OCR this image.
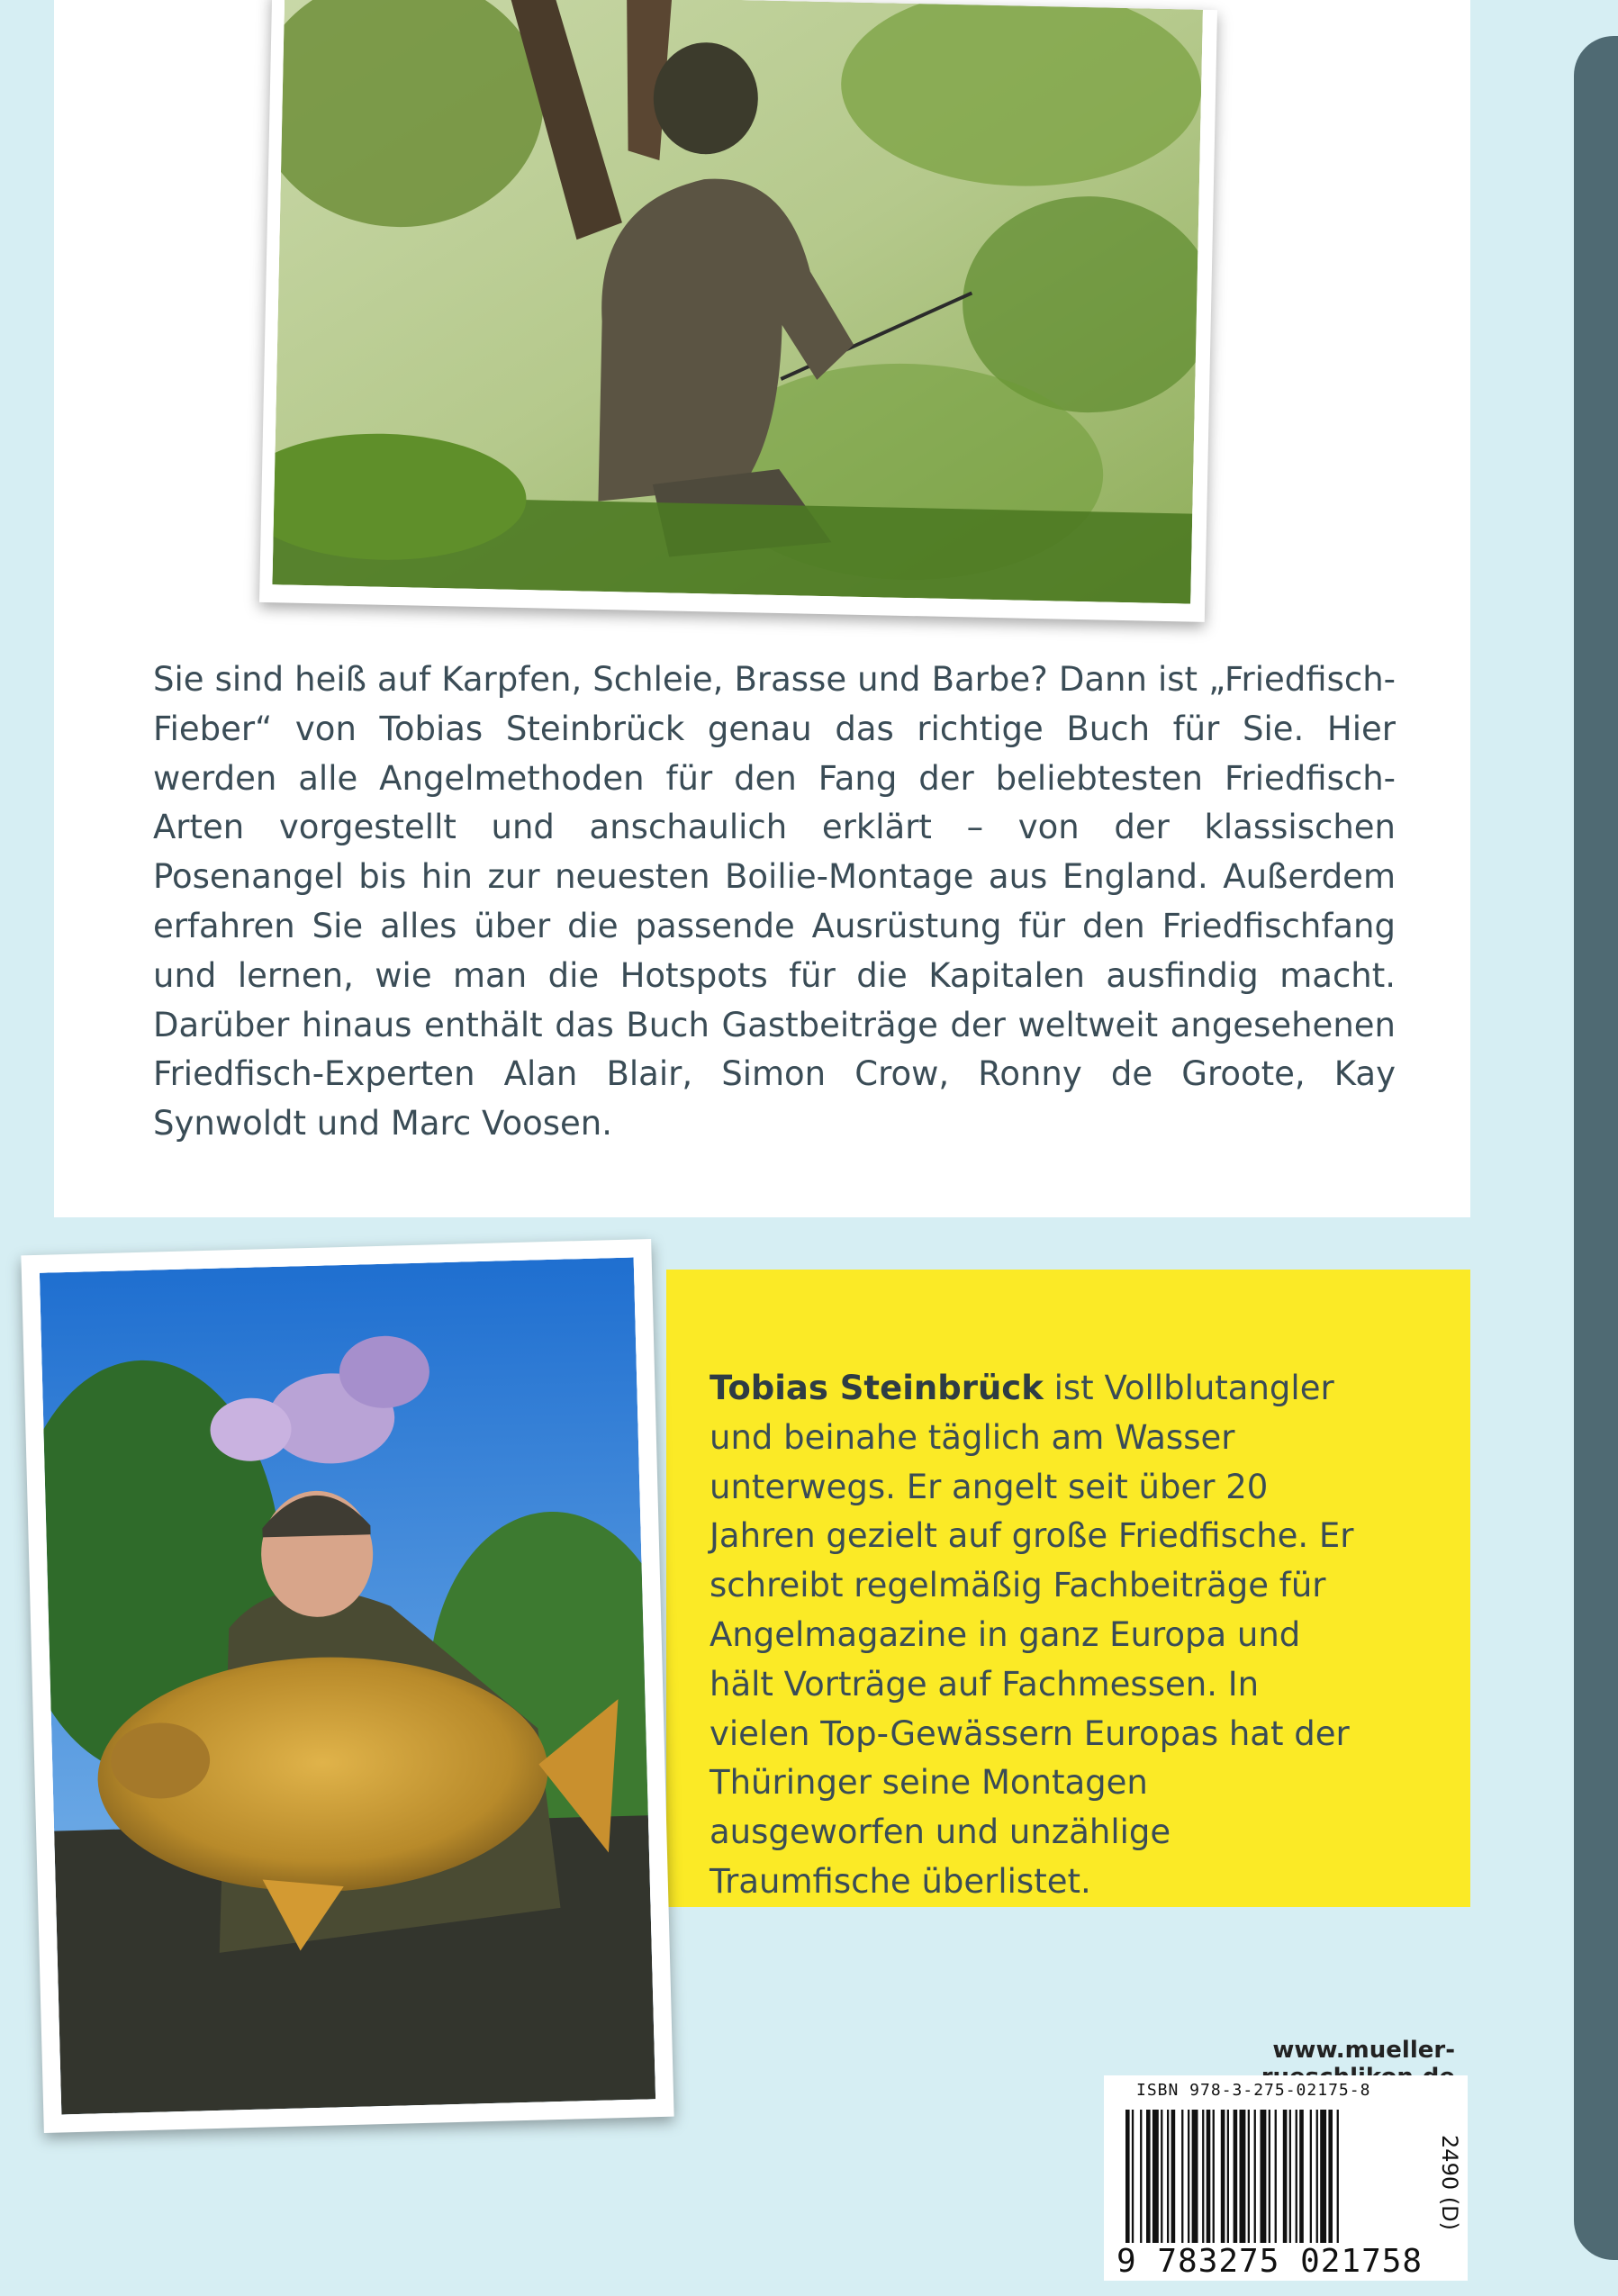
Sie sind heiß auf Karpfen, Schleie, Brasse und Barbe? Dann ist „Friedfisch-Fieber“ von Tobias Steinbrück genau das richtige Buch für Sie. Hier werden alle Angelmethoden für den Fang der beliebtesten Friedfisch-Arten vorgestellt und anschaulich erklärt – von der klassischen Posenangel bis hin zur neuesten Boilie-Montage aus England. Außerdem erfahren Sie alles über die passende Ausrüstung für den Friedfischfang und lernen, wie man die Hotspots für die Kapitalen ausfindig macht. Darüber hinaus enthält das Buch Gastbeiträge der weltweit angesehenen Friedfisch-Experten Alan Blair, Simon Crow, Ronny de Groote, Kay Synwoldt und Marc Voosen.

Tobias Steinbrück ist Vollblutangler und beinahe täglich am Wasser unterwegs. Er angelt seit über 20 Jahren gezielt auf große Friedfische. Er schreibt regelmäßig Fachbeiträge für Angelmagazine in ganz Europa und hält Vorträge auf Fachmessen. In vielen Top-Gewässern Europas hat der Thüringer seine Montagen ausgeworfen und unzählige Traumfische überlistet.

www.mueller-
ISBN 978-3-275-02175-8
9 783275 021758
2490 (D)
